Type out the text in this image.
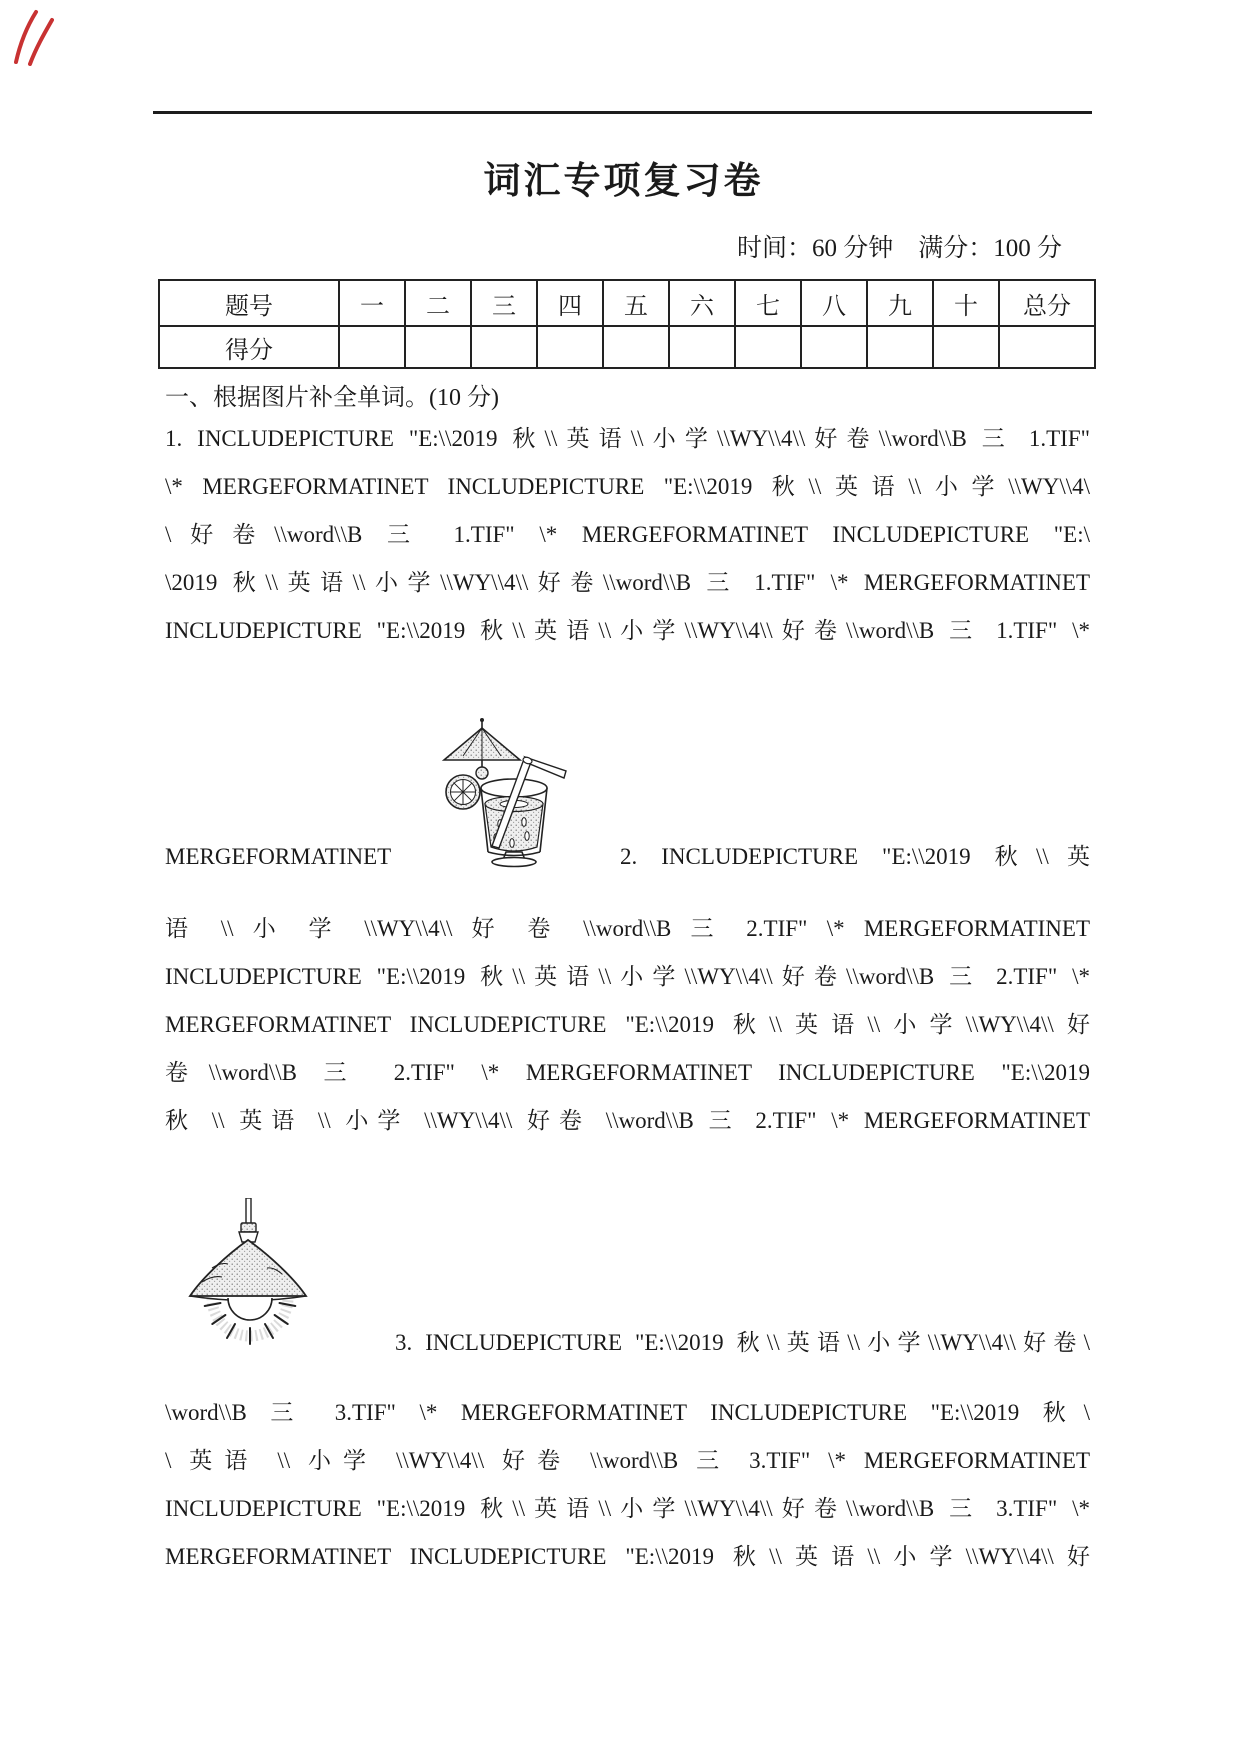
词汇专项复习卷
时间：60 分钟　满分：100 分
题号	一	二	三	四	五	六	七	八	九	十	总分
得分											
一、根据图片补全单词。(10 分)
1. INCLUDEPICTURE "E:\\2019 秋\\英语\\小学\\WY\\4\\好卷\\word\\B 三 1.TIF"
\* MERGEFORMATINET INCLUDEPICTURE "E:\\2019 秋\\英语\\小学\\WY\\4\
\好卷\\word\\B 三 1.TIF" \* MERGEFORMATINET INCLUDEPICTURE "E:\
\2019 秋\\英语\\小学\\WY\\4\\好卷\\word\\B 三 1.TIF" \* MERGEFORMATINET
INCLUDEPICTURE "E:\\2019 秋\\英语\\小学\\WY\\4\\好卷\\word\\B 三 1.TIF" \*
MERGEFORMATINET	2. INCLUDEPICTURE "E:\\2019 秋\\英
语 \\ 小 学 \\WY\\4\\ 好 卷 \\word\\B 三 2.TIF" \* MERGEFORMATINET
INCLUDEPICTURE "E:\\2019 秋\\英语\\小学\\WY\\4\\好卷\\word\\B 三 2.TIF" \*
MERGEFORMATINET INCLUDEPICTURE "E:\\2019 秋\\英语\\小学\\WY\\4\\好
卷\\word\\B 三 2.TIF" \* MERGEFORMATINET INCLUDEPICTURE "E:\\2019
秋 \\ 英语 \\ 小学 \\WY\\4\\ 好卷 \\word\\B 三 2.TIF" \* MERGEFORMATINET
3. INCLUDEPICTURE "E:\\2019 秋\\英语\\小学\\WY\\4\\好卷\
\word\\B 三 3.TIF" \* MERGEFORMATINET INCLUDEPICTURE "E:\\2019 秋\
\ 英语 \\ 小学 \\WY\\4\\ 好卷 \\word\\B 三 3.TIF" \* MERGEFORMATINET
INCLUDEPICTURE "E:\\2019 秋\\英语\\小学\\WY\\4\\好卷\\word\\B 三 3.TIF" \*
MERGEFORMATINET INCLUDEPICTURE "E:\\2019 秋\\英语\\小学\\WY\\4\\好
